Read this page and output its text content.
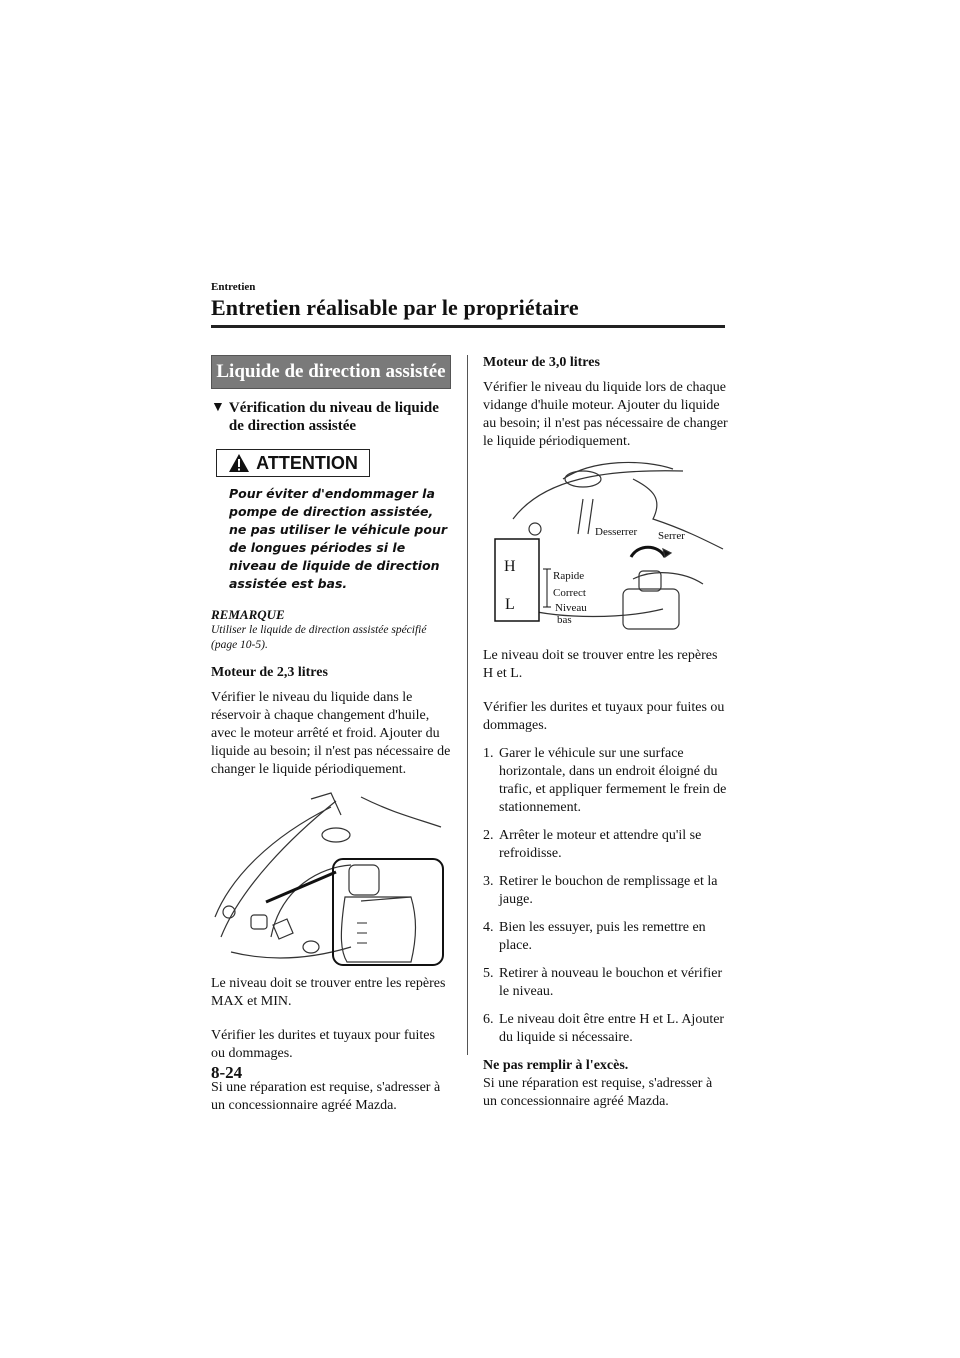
Entretien
Entretien réalisable par le propriétaire
Liquide de direction assistée
▼ Vérification du niveau de liquide de direction assistée
ATTENTION
Pour éviter d'endommager la pompe de direction assistée, ne pas utiliser le véhicule pour de longues périodes si le niveau de liquide de direction assistée est bas.
REMARQUE
Utiliser le liquide de direction assistée spécifié (page 10-5).
Moteur de 2,3 litres
Vérifier le niveau du liquide dans le réservoir à chaque changement d'huile, avec le moteur arrêté et froid. Ajouter du liquide au besoin; il n'est pas nécessaire de changer le liquide périodiquement.
Le niveau doit se trouver entre les repères MAX et MIN.
Vérifier les durites et tuyaux pour fuites ou dommages.
Si une réparation est requise, s'adresser à un concessionnaire agréé Mazda.
Moteur de 3,0 litres
Vérifier le niveau du liquide lors de chaque vidange d'huile moteur. Ajouter du liquide au besoin; il n'est pas nécessaire de changer le liquide périodiquement.
H
L
Desserrer Serrer
Rapide
Correct
Niveau
bas
Le niveau doit se trouver entre les repères H et L.
Vérifier les durites et tuyaux pour fuites ou dommages.
1. Garer le véhicule sur une surface horizontale, dans un endroit éloigné du trafic, et appliquer fermement le frein de stationnement.
2. Arrêter le moteur et attendre qu'il se refroidisse.
3. Retirer le bouchon de remplissage et la jauge.
4. Bien les essuyer, puis les remettre en place.
5. Retirer à nouveau le bouchon et vérifier le niveau.
6. Le niveau doit être entre H et L. Ajouter du liquide si nécessaire.
Ne pas remplir à l'excès.
Si une réparation est requise, s'adresser à un concessionnaire agréé Mazda.
8-24
